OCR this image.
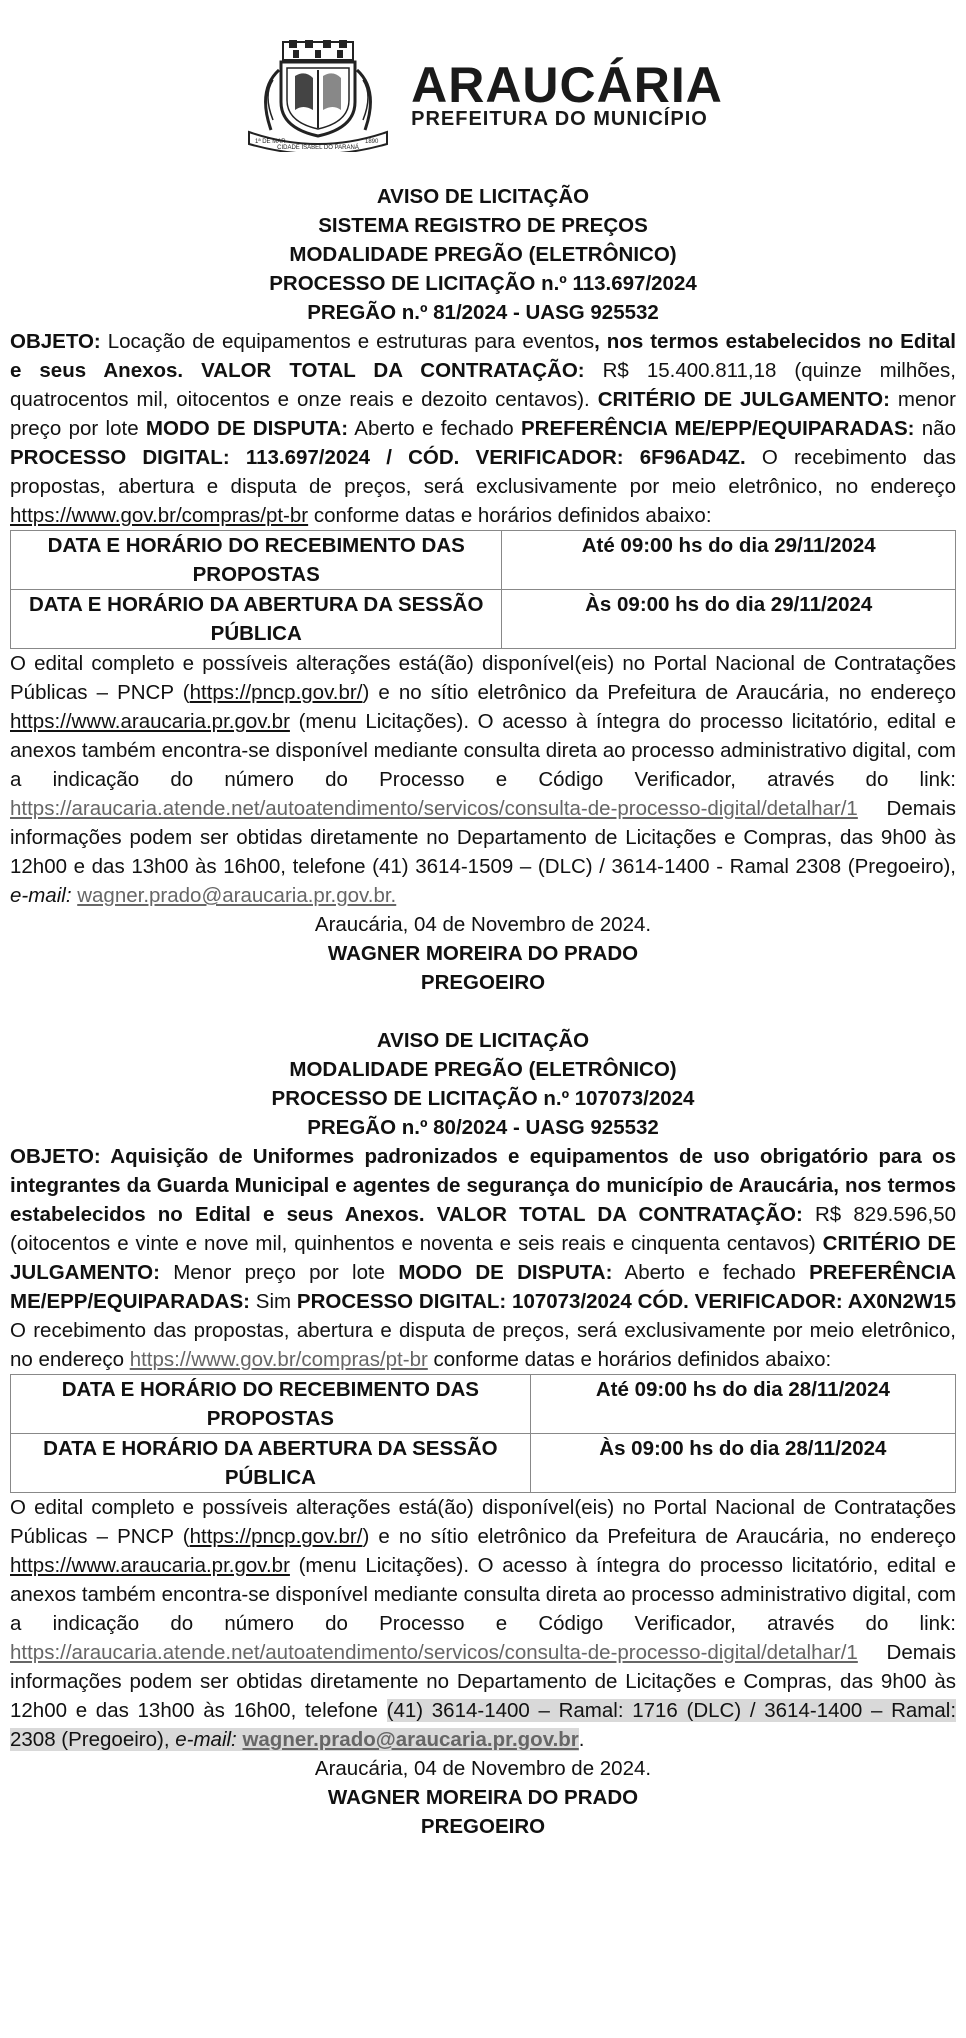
1ª DE MAR
CIDADE ISABEL DO PARANÁ
1890
ARAUCÁRIA
PREFEITURA DO MUNICÍPIO
AVISO DE LICITAÇÃO
SISTEMA REGISTRO DE PREÇOS
MODALIDADE PREGÃO (ELETRÔNICO)
PROCESSO DE LICITAÇÃO n.º 113.697/2024
PREGÃO n.º 81/2024 - UASG 925532

OBJETO: Locação de equipamentos e estruturas para eventos, nos termos estabelecidos no Edital e seus Anexos. VALOR TOTAL DA CONTRATAÇÃO: R$ 15.400.811,18 (quinze milhões, quatrocentos mil, oitocentos e onze reais e dezoito centavos). CRITÉRIO DE JULGAMENTO: menor preço por lote MODO DE DISPUTA: Aberto e fechado PREFERÊNCIA ME/EPP/EQUIPARADAS: não PROCESSO DIGITAL: 113.697/2024 / CÓD. VERIFICADOR: 6F96AD4Z. O recebimento das propostas, abertura e disputa de preços, será exclusivamente por meio eletrônico, no endereço https://www.gov.br/compras/pt-br conforme datas e horários definidos abaixo:

DATA E HORÁRIO DO RECEBIMENTO DAS PROPOSTAS	Até 09:00 hs do dia 29/11/2024
DATA E HORÁRIO DA ABERTURA DA SESSÃO PÚBLICA	Às 09:00 hs do dia 29/11/2024

O edital completo e possíveis alterações está(ão) disponível(eis) no Portal Nacional de Contratações Públicas – PNCP (https://pncp.gov.br/) e no sítio eletrônico da Prefeitura de Araucária, no endereço https://www.araucaria.pr.gov.br (menu Licitações). O acesso à íntegra do processo licitatório, edital e anexos também encontra-se disponível mediante consulta direta ao processo administrativo digital, com a indicação do número do Processo e Código Verificador, através do link: https://araucaria.atende.net/autoatendimento/servicos/consulta-de-processo-digital/detalhar/1 Demais informações podem ser obtidas diretamente no Departamento de Licitações e Compras, das 9h00 às 12h00 e das 13h00 às 16h00, telefone (41) 3614-1509 – (DLC) / 3614-1400 - Ramal 2308 (Pregoeiro), e-mail: wagner.prado@araucaria.pr.gov.br.

Araucária, 04 de Novembro de 2024.
WAGNER MOREIRA DO PRADO
PREGOEIRO
AVISO DE LICITAÇÃO
MODALIDADE PREGÃO (ELETRÔNICO)
PROCESSO DE LICITAÇÃO n.º 107073/2024
PREGÃO n.º 80/2024 - UASG 925532

OBJETO: Aquisição de Uniformes padronizados e equipamentos de uso obrigatório para os integrantes da Guarda Municipal e agentes de segurança do município de Araucária, nos termos estabelecidos no Edital e seus Anexos. VALOR TOTAL DA CONTRATAÇÃO: R$ 829.596,50 (oitocentos e vinte e nove mil, quinhentos e noventa e seis reais e cinquenta centavos) CRITÉRIO DE JULGAMENTO: Menor preço por lote MODO DE DISPUTA: Aberto e fechado PREFERÊNCIA ME/EPP/EQUIPARADAS: Sim PROCESSO DIGITAL: 107073/2024 CÓD. VERIFICADOR: AX0N2W15 O recebimento das propostas, abertura e disputa de preços, será exclusivamente por meio eletrônico, no endereço https://www.gov.br/compras/pt-br conforme datas e horários definidos abaixo:

DATA E HORÁRIO DO RECEBIMENTO DAS PROPOSTAS	Até 09:00 hs do dia 28/11/2024
DATA E HORÁRIO DA ABERTURA DA SESSÃO PÚBLICA	Às 09:00 hs do dia 28/11/2024

O edital completo e possíveis alterações está(ão) disponível(eis) no Portal Nacional de Contratações Públicas – PNCP (https://pncp.gov.br/) e no sítio eletrônico da Prefeitura de Araucária, no endereço https://www.araucaria.pr.gov.br (menu Licitações). O acesso à íntegra do processo licitatório, edital e anexos também encontra-se disponível mediante consulta direta ao processo administrativo digital, com a indicação do número do Processo e Código Verificador, através do link: https://araucaria.atende.net/autoatendimento/servicos/consulta-de-processo-digital/detalhar/1 Demais informações podem ser obtidas diretamente no Departamento de Licitações e Compras, das 9h00 às 12h00 e das 13h00 às 16h00, telefone (41) 3614-1400 – Ramal: 1716 (DLC) / 3614-1400 – Ramal: 2308 (Pregoeiro), e-mail: wagner.prado@araucaria.pr.gov.br.

Araucária, 04 de Novembro de 2024.
WAGNER MOREIRA DO PRADO
PREGOEIRO
